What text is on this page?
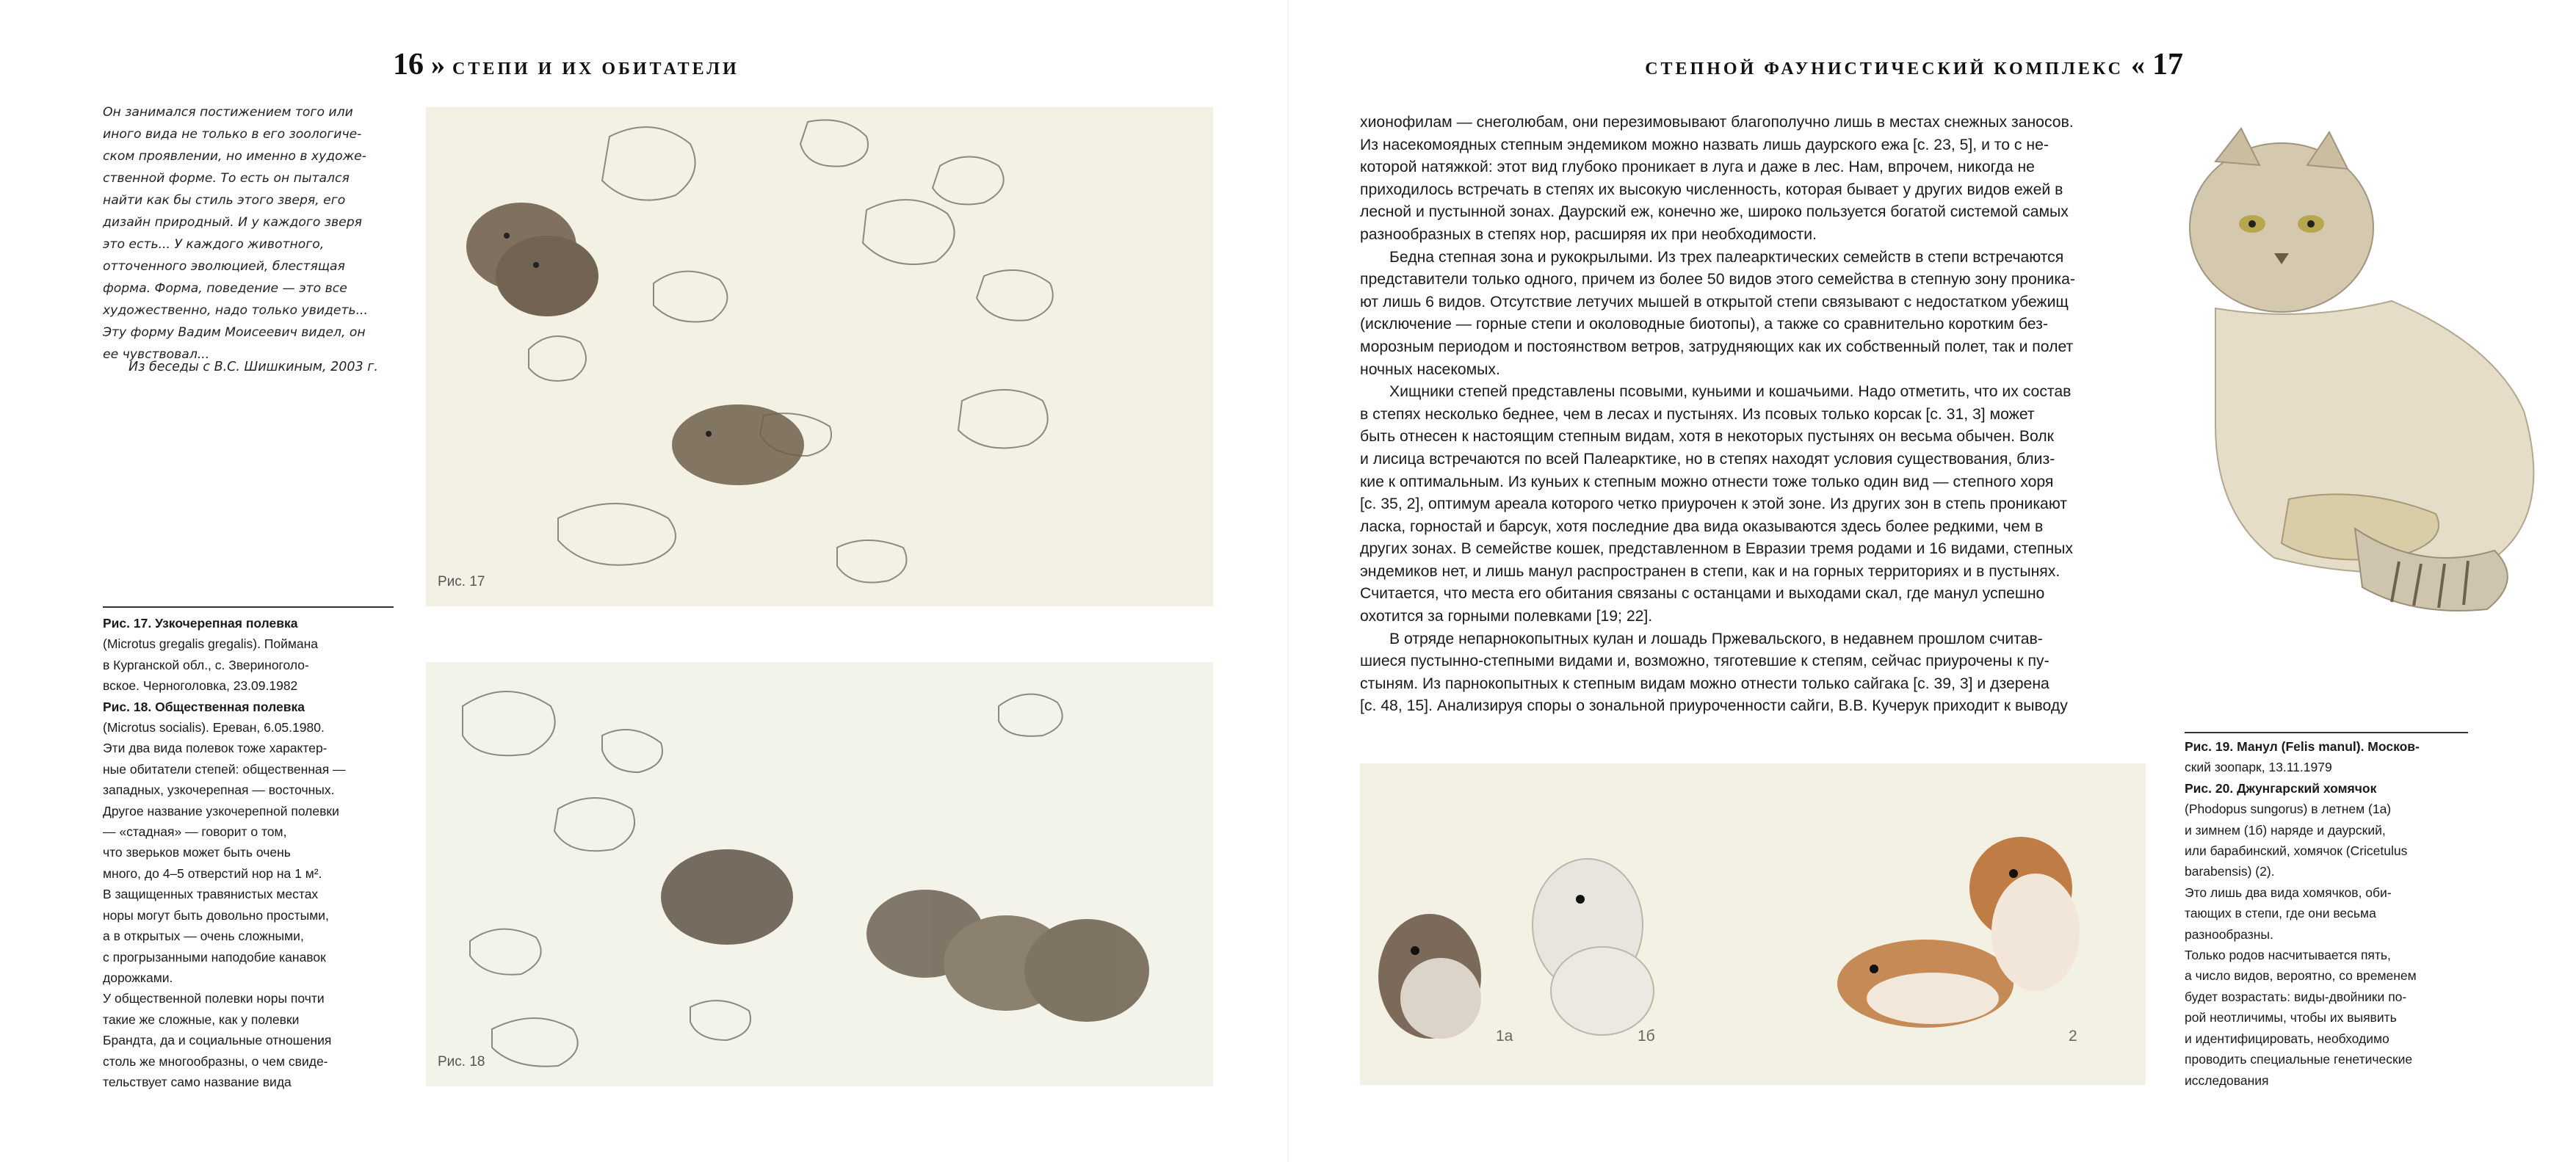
16 » СТЕПИ И ИХ ОБИТАТЕЛИ	СТЕПНОЙ ФАУНИСТИЧЕСКИЙ КОМПЛЕКС « 17
Он занимался постижением того или
иного вида не только в его зоологиче-
ском проявлении, но именно в художе-
ственной форме. То есть он пытался
найти как бы стиль этого зверя, его
дизайн природный. И у каждого зверя
это есть... У каждого животного,
отточенного эволюцией, блестящая
форма. Форма, поведение — это все
художественно, надо только увидеть...
Эту форму Вадим Моисеевич видел, он
ее чувствовал...
Из беседы с В.С. Шишкиным, 2003 г.
Рис. 17. Узкочерепная полевка
(Microtus gregalis gregalis). Поймана
в Курганской обл., с. Звериноголо-
вское. Черноголовка, 23.09.1982
Рис. 18. Общественная полевка
(Microtus socialis). Ереван, 6.05.1980.
Эти два вида полевок тоже характер-
ные обитатели степей: общественная —
западных, узкочерепная — восточных.
Другое название узкочерепной полевки
— «стадная» — говорит о том,
что зверьков может быть очень
много, до 4–5 отверстий нор на 1 м².
В защищенных травянистых местах
норы могут быть довольно простыми,
а в открытых — очень сложными,
с прогрызанными наподобие канавок
дорожками.
У общественной полевки норы почти
такие же сложные, как у полевки
Брандта, да и социальные отношения
столь же многообразны, о чем свиде-
тельствует само название вида
Рис. 17
Рис. 18
хионофилам — снеголюбам, они перезимовывают благополучно лишь в местах снежных заносов.
Из насекомоядных степным эндемиком можно назвать лишь даурского ежа [с. 23, 5], и то с не-
которой натяжкой: этот вид глубоко проникает в луга и даже в лес. Нам, впрочем, никогда не
приходилось встречать в степях их высокую численность, которая бывает у других видов ежей в
лесной и пустынной зонах. Даурский еж, конечно же, широко пользуется богатой системой самых
разнообразных в степях нор, расширяя их при необходимости.
Бедна степная зона и рукокрылыми. Из трех палеарктических семейств в степи встречаются
представители только одного, причем из более 50 видов этого семейства в степную зону проника-
ют лишь 6 видов. Отсутствие летучих мышей в открытой степи связывают с недостатком убежищ
(исключение — горные степи и околоводные биотопы), а также со сравнительно коротким без-
морозным периодом и постоянством ветров, затрудняющих как их собственный полет, так и полет
ночных насекомых.
Хищники степей представлены псовыми, куньими и кошачьими. Надо отметить, что их состав
в степях несколько беднее, чем в лесах и пустынях. Из псовых только корсак [с. 31, 3] может
быть отнесен к настоящим степным видам, хотя в некоторых пустынях он весьма обычен. Волк
и лисица встречаются по всей Палеарктике, но в степях находят условия существования, близ-
кие к оптимальным. Из куньих к степным можно отнести тоже только один вид — степного хоря
[с. 35, 2], оптимум ареала которого четко приурочен к этой зоне. Из других зон в степь проникают
ласка, горностай и барсук, хотя последние два вида оказываются здесь более редкими, чем в
других зонах. В семействе кошек, представленном в Евразии тремя родами и 16 видами, степных
эндемиков нет, и лишь манул распространен в степи, как и на горных территориях и в пустынях.
Считается, что места его обитания связаны с останцами и выходами скал, где манул успешно
охотится за горными полевками [19; 22].
В отряде непарнокопытных кулан и лошадь Пржевальского, в недавнем прошлом считав-
шиеся пустынно-степными видами и, возможно, тяготевшие к степям, сейчас приурочены к пу-
стыням. Из парнокопытных к степным видам можно отнести только сайгака [с. 39, 3] и дзерена
[с. 48, 15]. Анализируя споры о зональной приуроченности сайги, В.В. Кучерук приходит к выводу
1а	1б	2
Рис. 19. Манул (Felis manul). Москов-
ский зоопарк, 13.11.1979
Рис. 20. Джунгарский хомячок
(Phodopus sungorus) в летнем (1а)
и зимнем (1б) наряде и даурский,
или барабинский, хомячок (Cricetulus
barabensis) (2).
Это лишь два вида хомячков, оби-
тающих в степи, где они весьма
разнообразны.
Только родов насчитывается пять,
а число видов, вероятно, со временем
будет возрастать: виды-двойники по-
рой неотличимы, чтобы их выявить
и идентифицировать, необходимо
проводить специальные генетические
исследования
